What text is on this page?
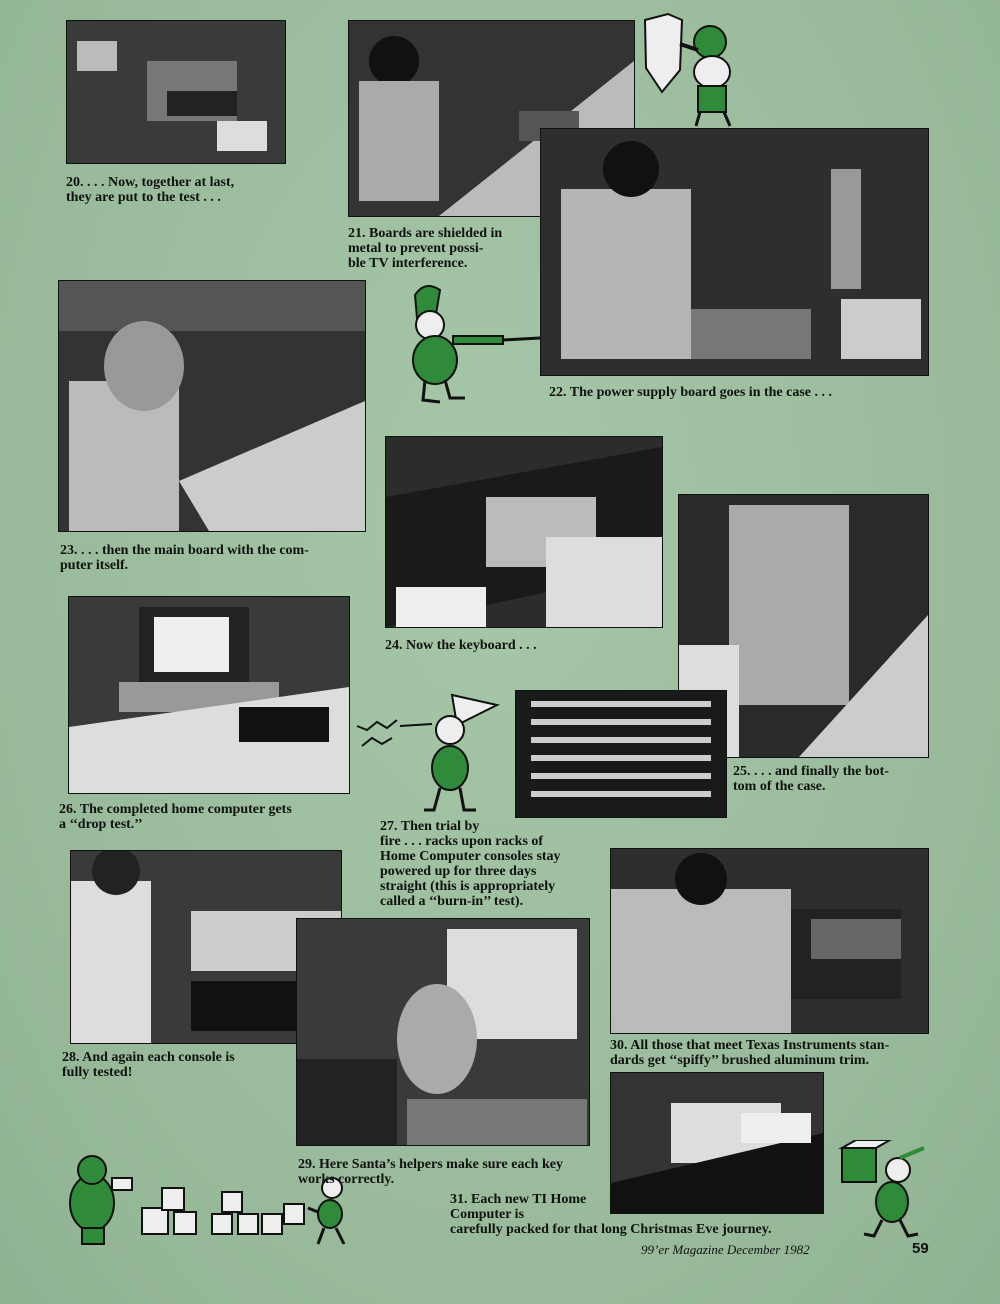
20. . . . Now, together at last,
they are put to the test . . .
21. Boards are shielded in
metal to prevent possi-
ble TV interference.
22. The power supply board goes in the case . . .
23. . . . then the main board with the com-
puter itself.
24. Now the keyboard . . .
25. . . . and finally the bot-
tom of the case.
26. The completed home computer gets
a ‘‘drop test.’’	27. Then trial by
fire . . . racks upon racks of
Home Computer consoles stay
powered up for three days
straight (this is appropriately
called a ‘‘burn-in’’ test).
28. And again each console is
fully tested!
29. Here Santa’s helpers make sure each key
works correctly.
30. All those that meet Texas Instruments stan-
dards get ‘‘spiffy’’ brushed aluminum trim.
31. Each new TI Home
Computer is
carefully packed for that long Christmas Eve journey.
99’er Magazine December 1982	59
